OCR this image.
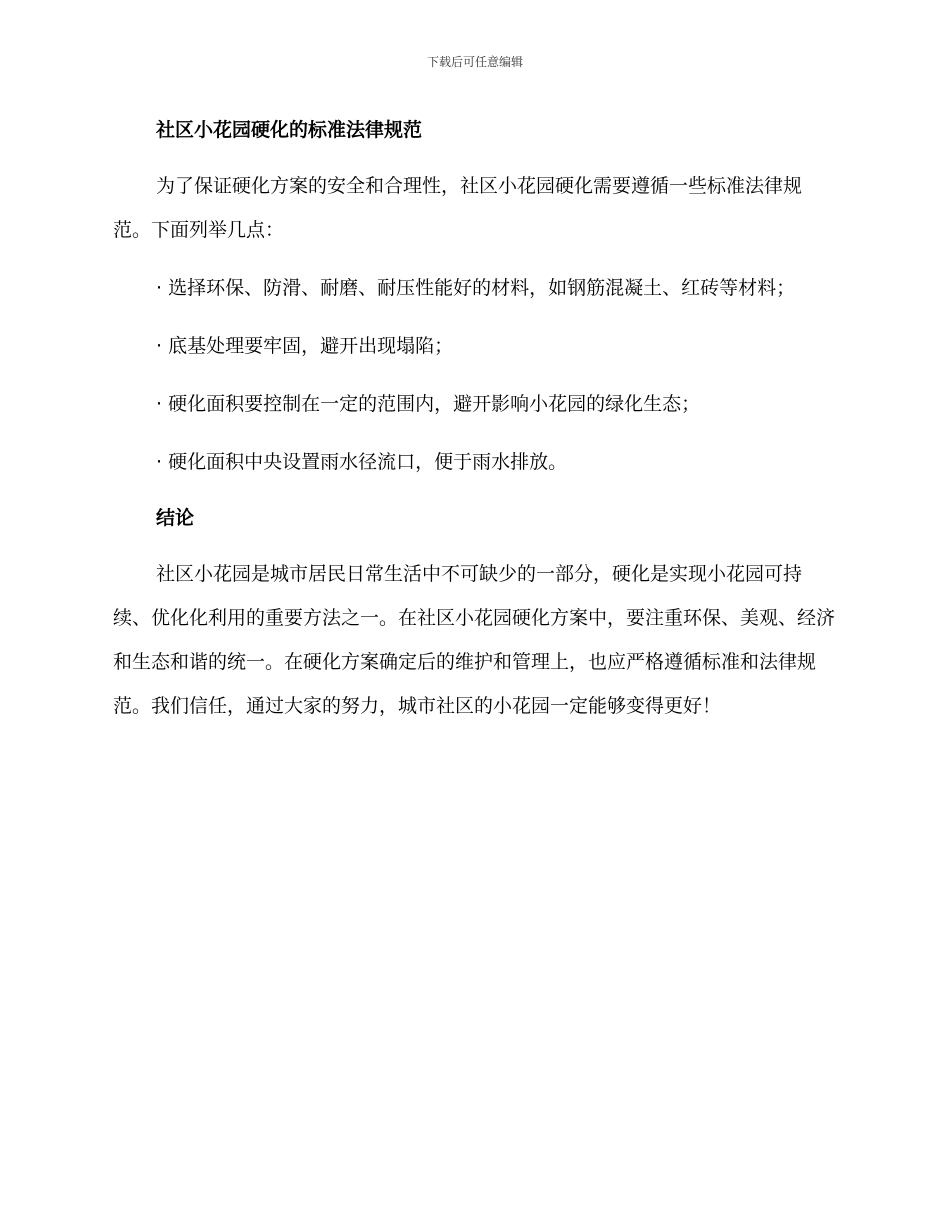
下载后可任意编辑
社区小花园硬化的标准法律规范

为了保证硬化方案的安全和合理性，社区小花园硬化需要遵循一些标准法律规范。下面列举几点：

· 选择环保、防滑、耐磨、耐压性能好的材料，如钢筋混凝土、红砖等材料；

· 底基处理要牢固，避开出现塌陷；

· 硬化面积要控制在一定的范围内，避开影响小花园的绿化生态；

· 硬化面积中央设置雨水径流口，便于雨水排放。

结论

社区小花园是城市居民日常生活中不可缺少的一部分，硬化是实现小花园可持续、优化化利用的重要方法之一。在社区小花园硬化方案中，要注重环保、美观、经济和生态和谐的统一。在硬化方案确定后的维护和管理上，也应严格遵循标准和法律规范。我们信任，通过大家的努力，城市社区的小花园一定能够变得更好！
